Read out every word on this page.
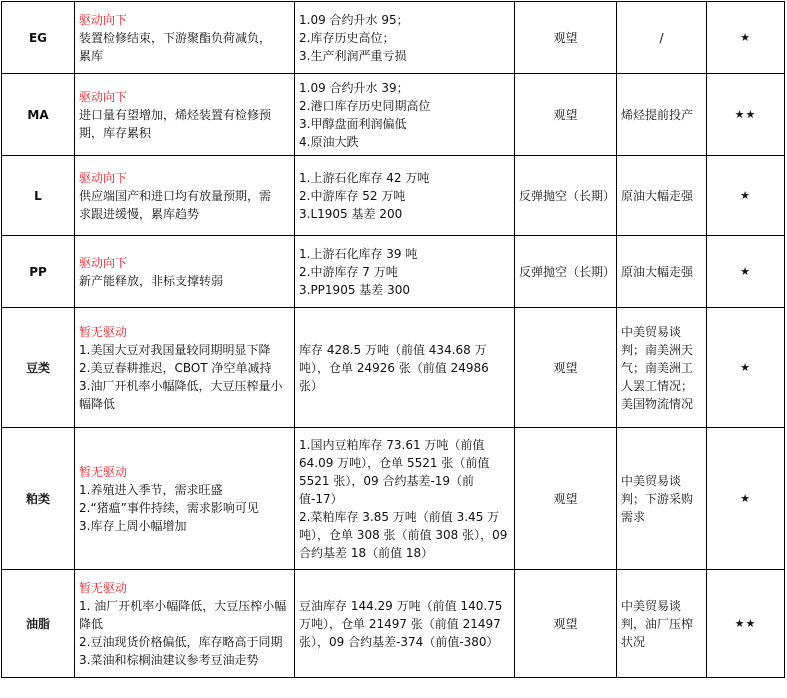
EG	驱动向下
装置检修结束，下游聚酯负荷减负，
累库	1.09 合约升水 95；
2.库存历史高位；
3.生产利润严重亏损	观望	/	★
MA	驱动向下
进口量有望增加，烯烃装置有检修预
期，库存累积	1.09 合约升水 39；
2.港口库存历史同期高位
3.甲醇盘面利润偏低
4.原油大跌	观望	烯烃提前投产	★★
L	驱动向下
供应端国产和进口均有放量预期，需
求跟进缓慢，累库趋势	1.上游石化库存 42 万吨
2.中游库存 52 万吨
3.L1905 基差 200	反弹抛空（长期）	原油大幅走强	★
PP	驱动向下
新产能释放，非标支撑转弱	1.上游石化库存 39 吨
2.中游库存 7 万吨
3.PP1905 基差 300	反弹抛空（长期）	原油大幅走强	★
豆类	暂无驱动
1.美国大豆对我国量较同期明显下降
2.美豆春耕推迟，CBOT 净空单减持
3.油厂开机率小幅降低，大豆压榨量小幅降低	库存 428.5 万吨（前值 434.68 万吨），仓单 24926 张（前值 24986 张）	观望	中美贸易谈判；南美洲天气；南美洲工人罢工情况；美国物流情况	★
粕类	暂无驱动
1.养殖进入季节，需求旺盛
2.“猪瘟”事件持续，需求影响可见
3.库存上周小幅增加	1.国内豆粕库存 73.61 万吨（前值 64.09 万吨），仓单 5521 张（前值 5521 张），09 合约基差-19（前值-17）
2.菜粕库存 3.85 万吨（前值 3.45 万吨），仓单 308 张（前值 308 张），09 合约基差 18（前值 18）	观望	中美贸易谈判；下游采购需求	★
油脂	暂无驱动
1. 油厂开机率小幅降低，大豆压榨小幅降低
2.豆油现货价格偏低，库存略高于同期
3.菜油和棕榈油建议参考豆油走势	豆油库存 144.29 万吨（前值 140.75 万吨），仓单 21497 张（前值 21497 张），09 合约基差-374（前值-380）	观望	中美贸易谈判，油厂压榨状况	★★
